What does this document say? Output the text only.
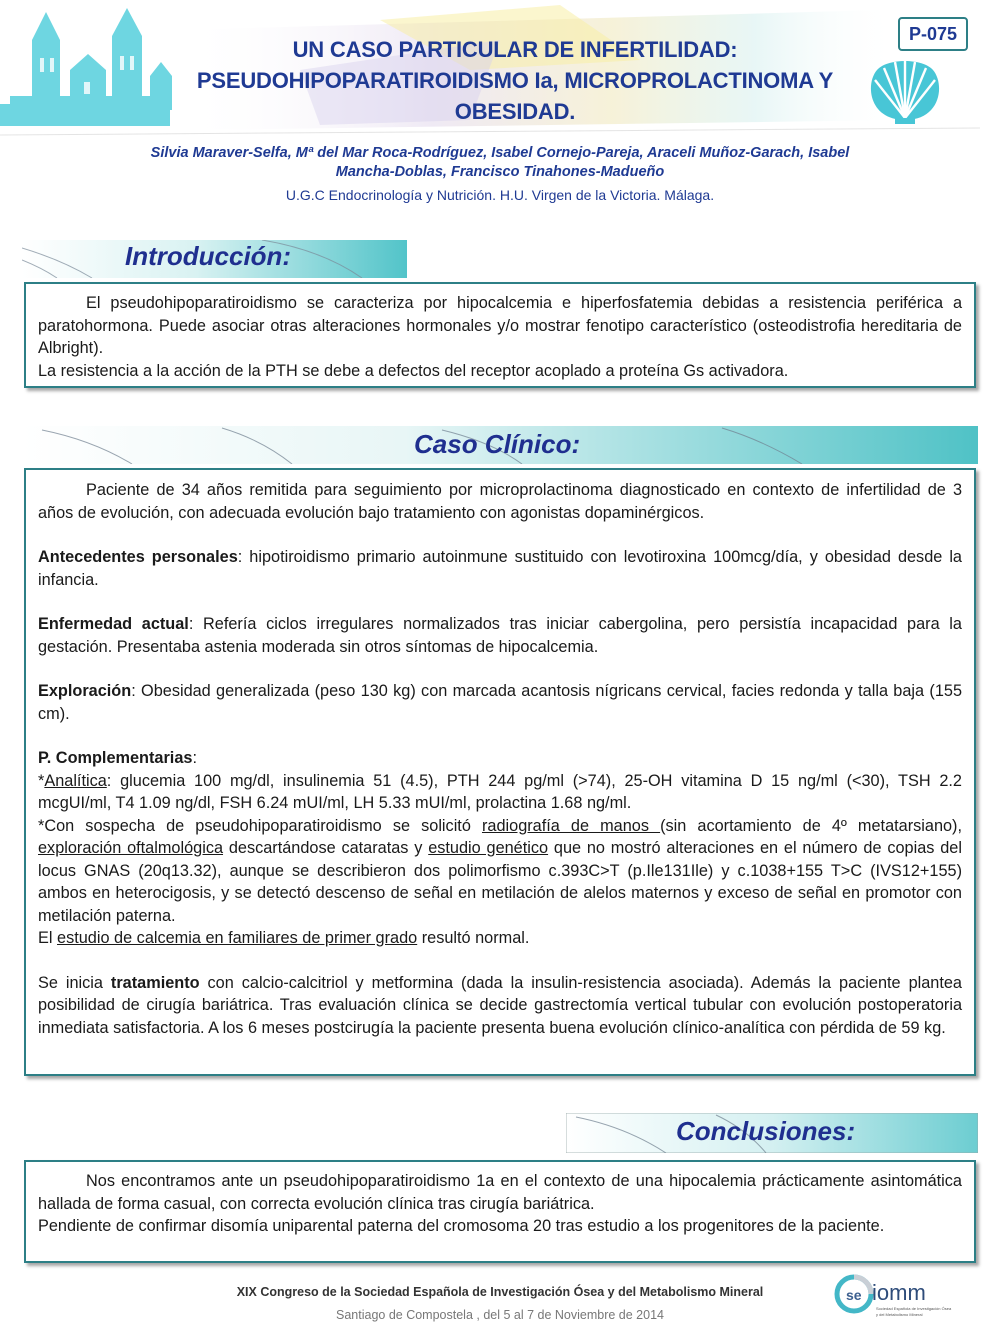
UN CASO PARTICULAR DE INFERTILIDAD: PSEUDOHIPOPARATIROIDISMO Ia, MICROPROLACTINOMA Y OBESIDAD.
P-075
Silvia Maraver-Selfa, Mª del Mar Roca-Rodríguez, Isabel Cornejo-Pareja, Araceli Muñoz-Garach, Isabel Mancha-Doblas, Francisco Tinahones-Madueño
U.G.C Endocrinología y Nutrición. H.U. Virgen de la Victoria. Málaga.
Introducción:

El pseudohipoparatiroidismo se caracteriza por hipocalcemia e hiperfosfatemia debidas a resistencia periférica a paratohormona. Puede asociar otras alteraciones hormonales y/o mostrar fenotipo característico (osteodistrofia hereditaria de Albright).

La resistencia a la acción de la PTH se debe a defectos del receptor acoplado a proteína Gs activadora.

Caso Clínico:

Paciente de 34 años remitida para seguimiento por microprolactinoma diagnosticado en contexto de infertilidad de 3 años de evolución, con adecuada evolución bajo tratamiento con agonistas dopaminérgicos.

Antecedentes personales: hipotiroidismo primario autoinmune sustituido con levotiroxina 100mcg/día, y obesidad desde la infancia.

Enfermedad actual: Refería ciclos irregulares normalizados tras iniciar cabergolina, pero persistía incapacidad para la gestación. Presentaba astenia moderada sin otros síntomas de hipocalcemia.

Exploración: Obesidad generalizada (peso 130 kg) con marcada acantosis nígricans cervical, facies redonda y talla baja (155 cm).

P. Complementarias:

*Analítica: glucemia 100 mg/dl, insulinemia 51 (4.5), PTH 244 pg/ml (>74), 25-OH vitamina D 15 ng/ml (<30), TSH 2.2 mcgUI/ml, T4 1.09 ng/dl, FSH 6.24 mUI/ml, LH 5.33 mUI/ml, prolactina 1.68 ng/ml.

*Con sospecha de pseudohipoparatiroidismo se solicitó radiografía de manos (sin acortamiento de 4º metatarsiano), exploración oftalmológica descartándose cataratas y estudio genético que no mostró alteraciones en el número de copias del locus GNAS (20q13.32), aunque se describieron dos polimorfismo c.393C>T (p.Ile131Ile) y c.1038+155 T>C (IVS12+155) ambos en heterocigosis, y se detectó descenso de señal en metilación de alelos maternos y exceso de señal en promotor con metilación paterna.

El estudio de calcemia en familiares de primer grado resultó normal.

Se inicia tratamiento con calcio-calcitriol y metformina (dada la insulin-resistencia asociada). Además la paciente plantea posibilidad de cirugía bariátrica. Tras evaluación clínica se decide gastrectomía vertical tubular con evolución postoperatoria inmediata satisfactoria. A los 6 meses postcirugía la paciente presenta buena evolución clínico-analítica con pérdida de 59 kg.

Conclusiones:

Nos encontramos ante un pseudohipoparatiroidismo 1a en el contexto de una hipocalemia prácticamente asintomática hallada de forma casual, con correcta evolución clínica tras cirugía bariátrica.

Pendiente de confirmar disomía uniparental paterna del cromosoma 20 tras estudio a los progenitores de la paciente.

XIX Congreso de la Sociedad Española de Investigación Ósea y del Metabolismo Mineral
Santiago de Compostela , del 5 al 7 de Noviembre de 2014
se iomm
Sociedad Española de Investigación Ósea
y del Metabolismo Mineral
